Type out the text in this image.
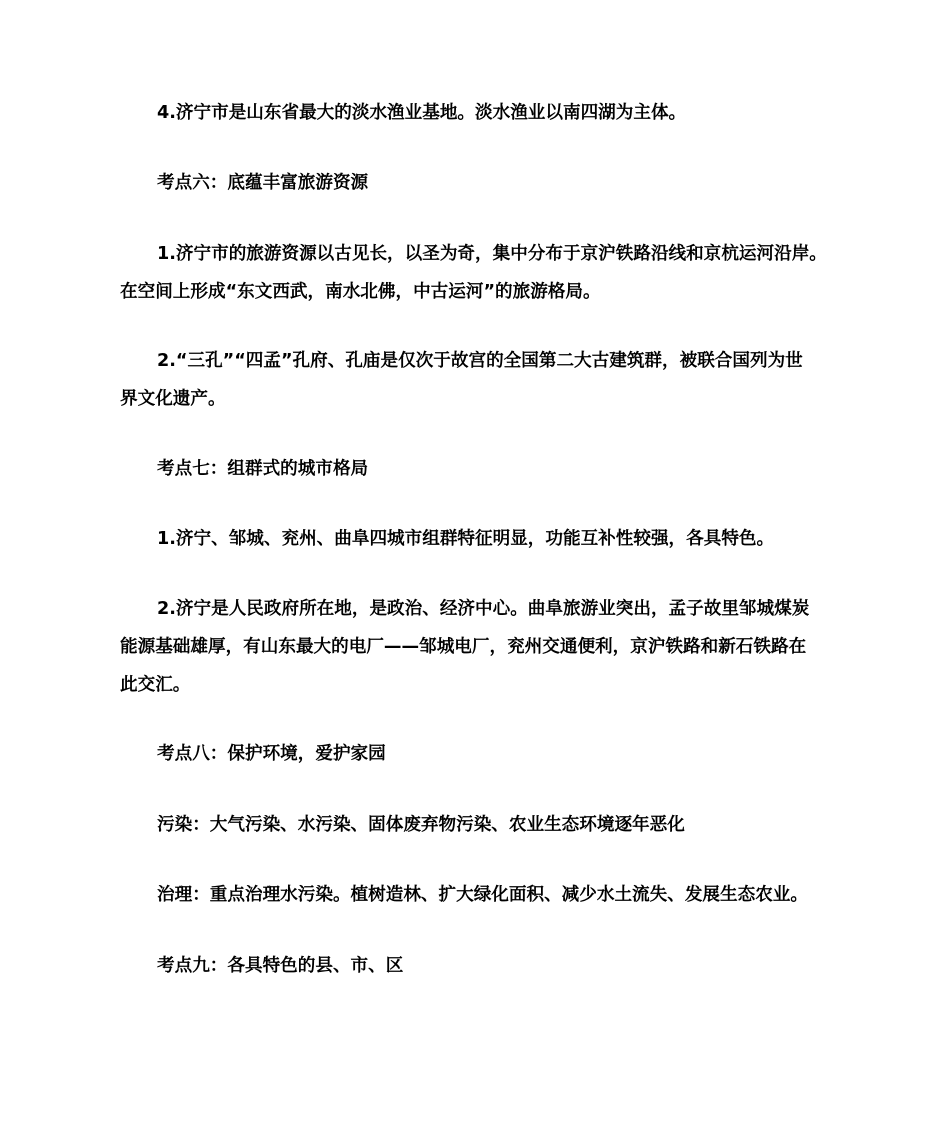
4.济宁市是山东省最大的淡水渔业基地。淡水渔业以南四湖为主体。
考点六：底蕴丰富旅游资源
1.济宁市的旅游资源以古见长，以圣为奇，集中分布于京沪铁路沿线和京杭运河沿岸。
在空间上形成“东文西武，南水北佛，中古运河”的旅游格局。
2.“三孔”“四孟”孔府、孔庙是仅次于故宫的全国第二大古建筑群，被联合国列为世
界文化遗产。
考点七：组群式的城市格局
1.济宁、邹城、兖州、曲阜四城市组群特征明显，功能互补性较强，各具特色。
2.济宁是人民政府所在地，是政治、经济中心。曲阜旅游业突出，孟子故里邹城煤炭
能源基础雄厚，有山东最大的电厂——邹城电厂，兖州交通便利，京沪铁路和新石铁路在
此交汇。
考点八：保护环境，爱护家园
污染：大气污染、水污染、固体废弃物污染、农业生态环境逐年恶化
治理：重点治理水污染。植树造林、扩大绿化面积、减少水土流失、发展生态农业。
考点九：各具特色的县、市、区
